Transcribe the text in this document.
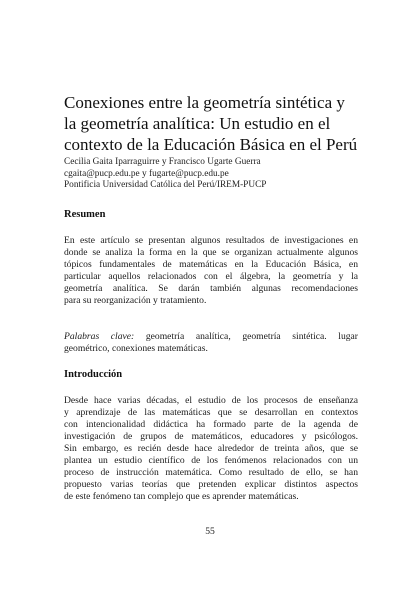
Conexiones entre la geometría sintética y
la geometría analítica: Un estudio en el
contexto de la Educación Básica en el Perú
Cecilia Gaita Iparraguirre y Francisco Ugarte Guerra
cgaita@pucp.edu.pe y fugarte@pucp.edu.pe
Pontificia Universidad Católica del Perú/IREM-PUCP
Resumen

En este artículo se presentan algunos resultados de investigaciones en
donde se analiza la forma en la que se organizan actualmente algunos
tópicos fundamentales de matemáticas en la Educación Básica, en
particular aquellos relacionados con el álgebra, la geometría y la
geometría analítica. Se darán también algunas recomendaciones
para su reorganización y tratamiento.

Palabras clave: geometría analítica, geometría sintética. lugar
geométrico, conexiones matemáticas.

Introducción

Desde hace varias décadas, el estudio de los procesos de enseñanza
y aprendizaje de las matemáticas que se desarrollan en contextos
con intencionalidad didáctica ha formado parte de la agenda de
investigación de grupos de matemáticos, educadores y psicólogos.
Sin embargo, es recién desde hace alrededor de treinta años, que se
plantea un estudio científico de los fenómenos relacionados con un
proceso de instrucción matemática. Como resultado de ello, se han
propuesto varias teorías que pretenden explicar distintos aspectos
de este fenómeno tan complejo que es aprender matemáticas.

55
